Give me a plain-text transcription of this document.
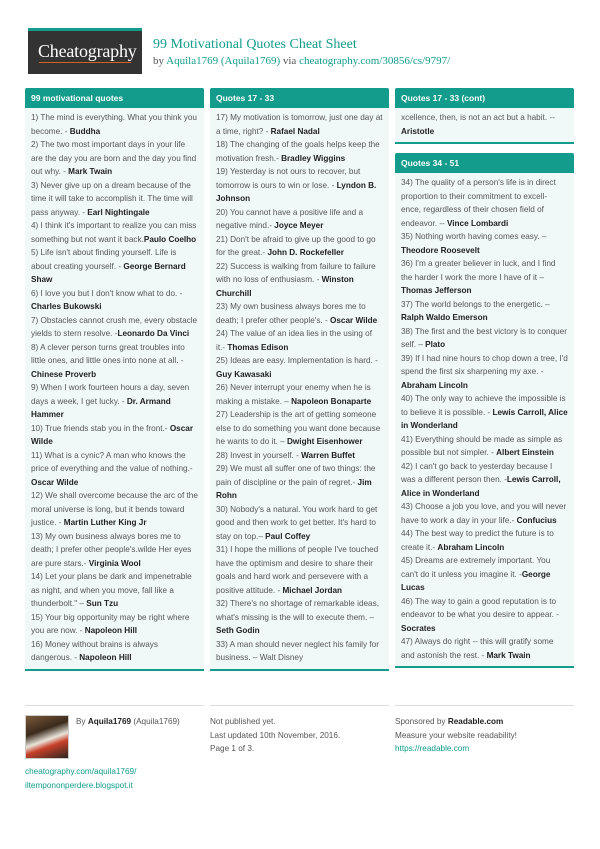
Cheatography 99 Motivational Quotes Cheat Sheet
by Aquila1769 (Aquila1769) via cheatography.com/30856/cs/9797/
99 motivational quotes
1) The mind is everything. What you think you become. - Buddha
2) The two most important days in your life are the day you are born and the day you find out why. - Mark Twain
3) Never give up on a dream because of the time it will take to accomplish it. The time will pass anyway. - Earl Nightingale
4) I think it's important to realize you can miss something but not want it back.Paulo Coelho
5) Life isn't about finding yourself. Life is about creating yourself. - George Bernard Shaw
6) I love you but I don't know what to do. - Charles Bukowski
7) Obstacles cannot crush me, every obstacle yields to stern resolve. -Leonardo Da Vinci
8) A clever person turns great troubles into little ones, and little ones into none at all. - Chinese Proverb
9) When I work fourteen hours a day, seven days a week, I get lucky. - Dr. Armand Hammer
10) True friends stab you in the front.- Oscar Wilde
11) What is a cynic? A man who knows the price of everything and the value of nothing.- Oscar Wilde
12) We shall overcome because the arc of the moral universe is long, but it bends toward justice. - Martin Luther King Jr
13) My own business always bores me to death; I prefer other people's.wilde Her eyes are pure stars.- Virginia Wool
14) Let your plans be dark and impenetrable as night, and when you move, fall like a thunderbolt." – Sun Tzu
15) Your big opportunity may be right where you are now. - Napoleon Hill
16) Money without brains is always dangerous. - Napoleon Hill
Quotes 17 - 33
17) My motivation is tomorrow, just one day at a time, right? - Rafael Nadal
18) The changing of the goals helps keep the motivation fresh.- Bradley Wiggins
19) Yesterday is not ours to recover, but tomorrow is ours to win or lose. - Lyndon B. Johnson
20) You cannot have a positive life and a negative mind.- Joyce Meyer
21) Don't be afraid to give up the good to go for the great.- John D. Rockefeller
22) Success is walking from failure to failure with no loss of enthusiasm. - Winston Churchill
23) My own business always bores me to death; I prefer other people's. - Oscar Wilde
24) The value of an idea lies in the using of it.- Thomas Edison
25) Ideas are easy. Implementation is hard. - Guy Kawasaki
26) Never interrupt your enemy when he is making a mistake. – Napoleon Bonaparte
27) Leadership is the art of getting someone else to do something you want done because he wants to do it. – Dwight Eisenhower
28) Invest in yourself. - Warren Buffet
29) We must all suffer one of two things: the pain of discipline or the pain of regret.- Jim Rohn
30) Nobody's a natural. You work hard to get good and then work to get better. It's hard to stay on top.– Paul Coffey
31) I hope the millions of people I've touched have the optimism and desire to share their goals and hard work and persevere with a positive attitude. - Michael Jordan
32) There's no shortage of remarkable ideas, what's missing is the will to execute them. – Seth Godin
33) A man should never neglect his family for business. – Walt Disney
Quotes 17 - 33 (cont)
xcellence, then, is not an act but a habit. -- Aristotle
Quotes 34 - 51
34) The quality of a person's life is in direct proportion to their commitment to excell- ence, regardless of their chosen field of endeavor. -- Vince Lombardi
35) Nothing worth having comes easy. – Theodore Roosevelt
36) I'm a greater believer in luck, and I find the harder I work the more I have of it – Thomas Jefferson
37) The world belongs to the energetic. – Ralph Waldo Emerson
38) The first and the best victory is to conquer self. – Plato
39) If I had nine hours to chop down a tree, I'd spend the first six sharpening my axe. - Abraham Lincoln
40) The only way to achieve the impossible is to believe it is possible. - Lewis Carroll, Alice in Wonderland
41) Everything should be made as simple as possible but not simpler. - Albert Einstein
42) I can't go back to yesterday because I was a different person then. -Lewis Carroll, Alice in Wonderland
43) Choose a job you love, and you will never have to work a day in your life.- Confucius
44) The best way to predict the future is to create it.- Abraham Lincoln
45) Dreams are extremely important. You can't do it unless you imagine it. -George Lucas
46) The way to gain a good reputation is to endeavor to be what you desire to appear. - Socrates
47) Always do right -- this will gratify some and astonish the rest. - Mark Twain
By Aquila1769 (Aquila1769)
cheatography.com/aquila1769/
iltempononperdere.blogspot.it
Not published yet.
Last updated 10th November, 2016.
Page 1 of 3.
Sponsored by Readable.com
Measure your website readability!
https://readable.com
